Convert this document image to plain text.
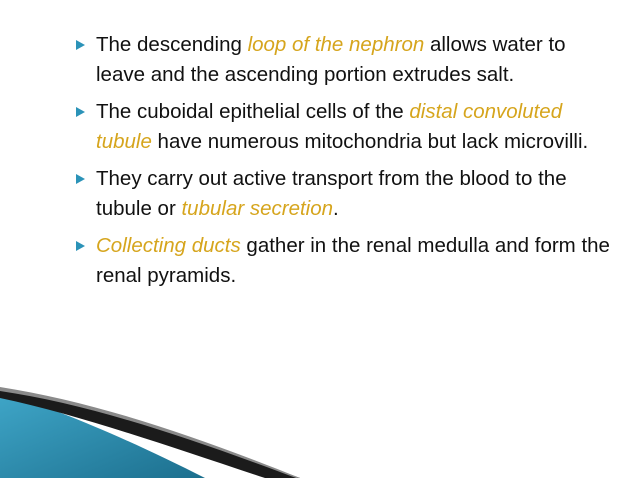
The descending loop of the nephron allows water to leave and the ascending portion extrudes salt.
The cuboidal epithelial cells of the distal convoluted tubule have numerous mitochondria but lack microvilli.
They carry out active transport from the blood to the tubule or tubular secretion.
Collecting ducts gather in the renal medulla and form the renal pyramids.
